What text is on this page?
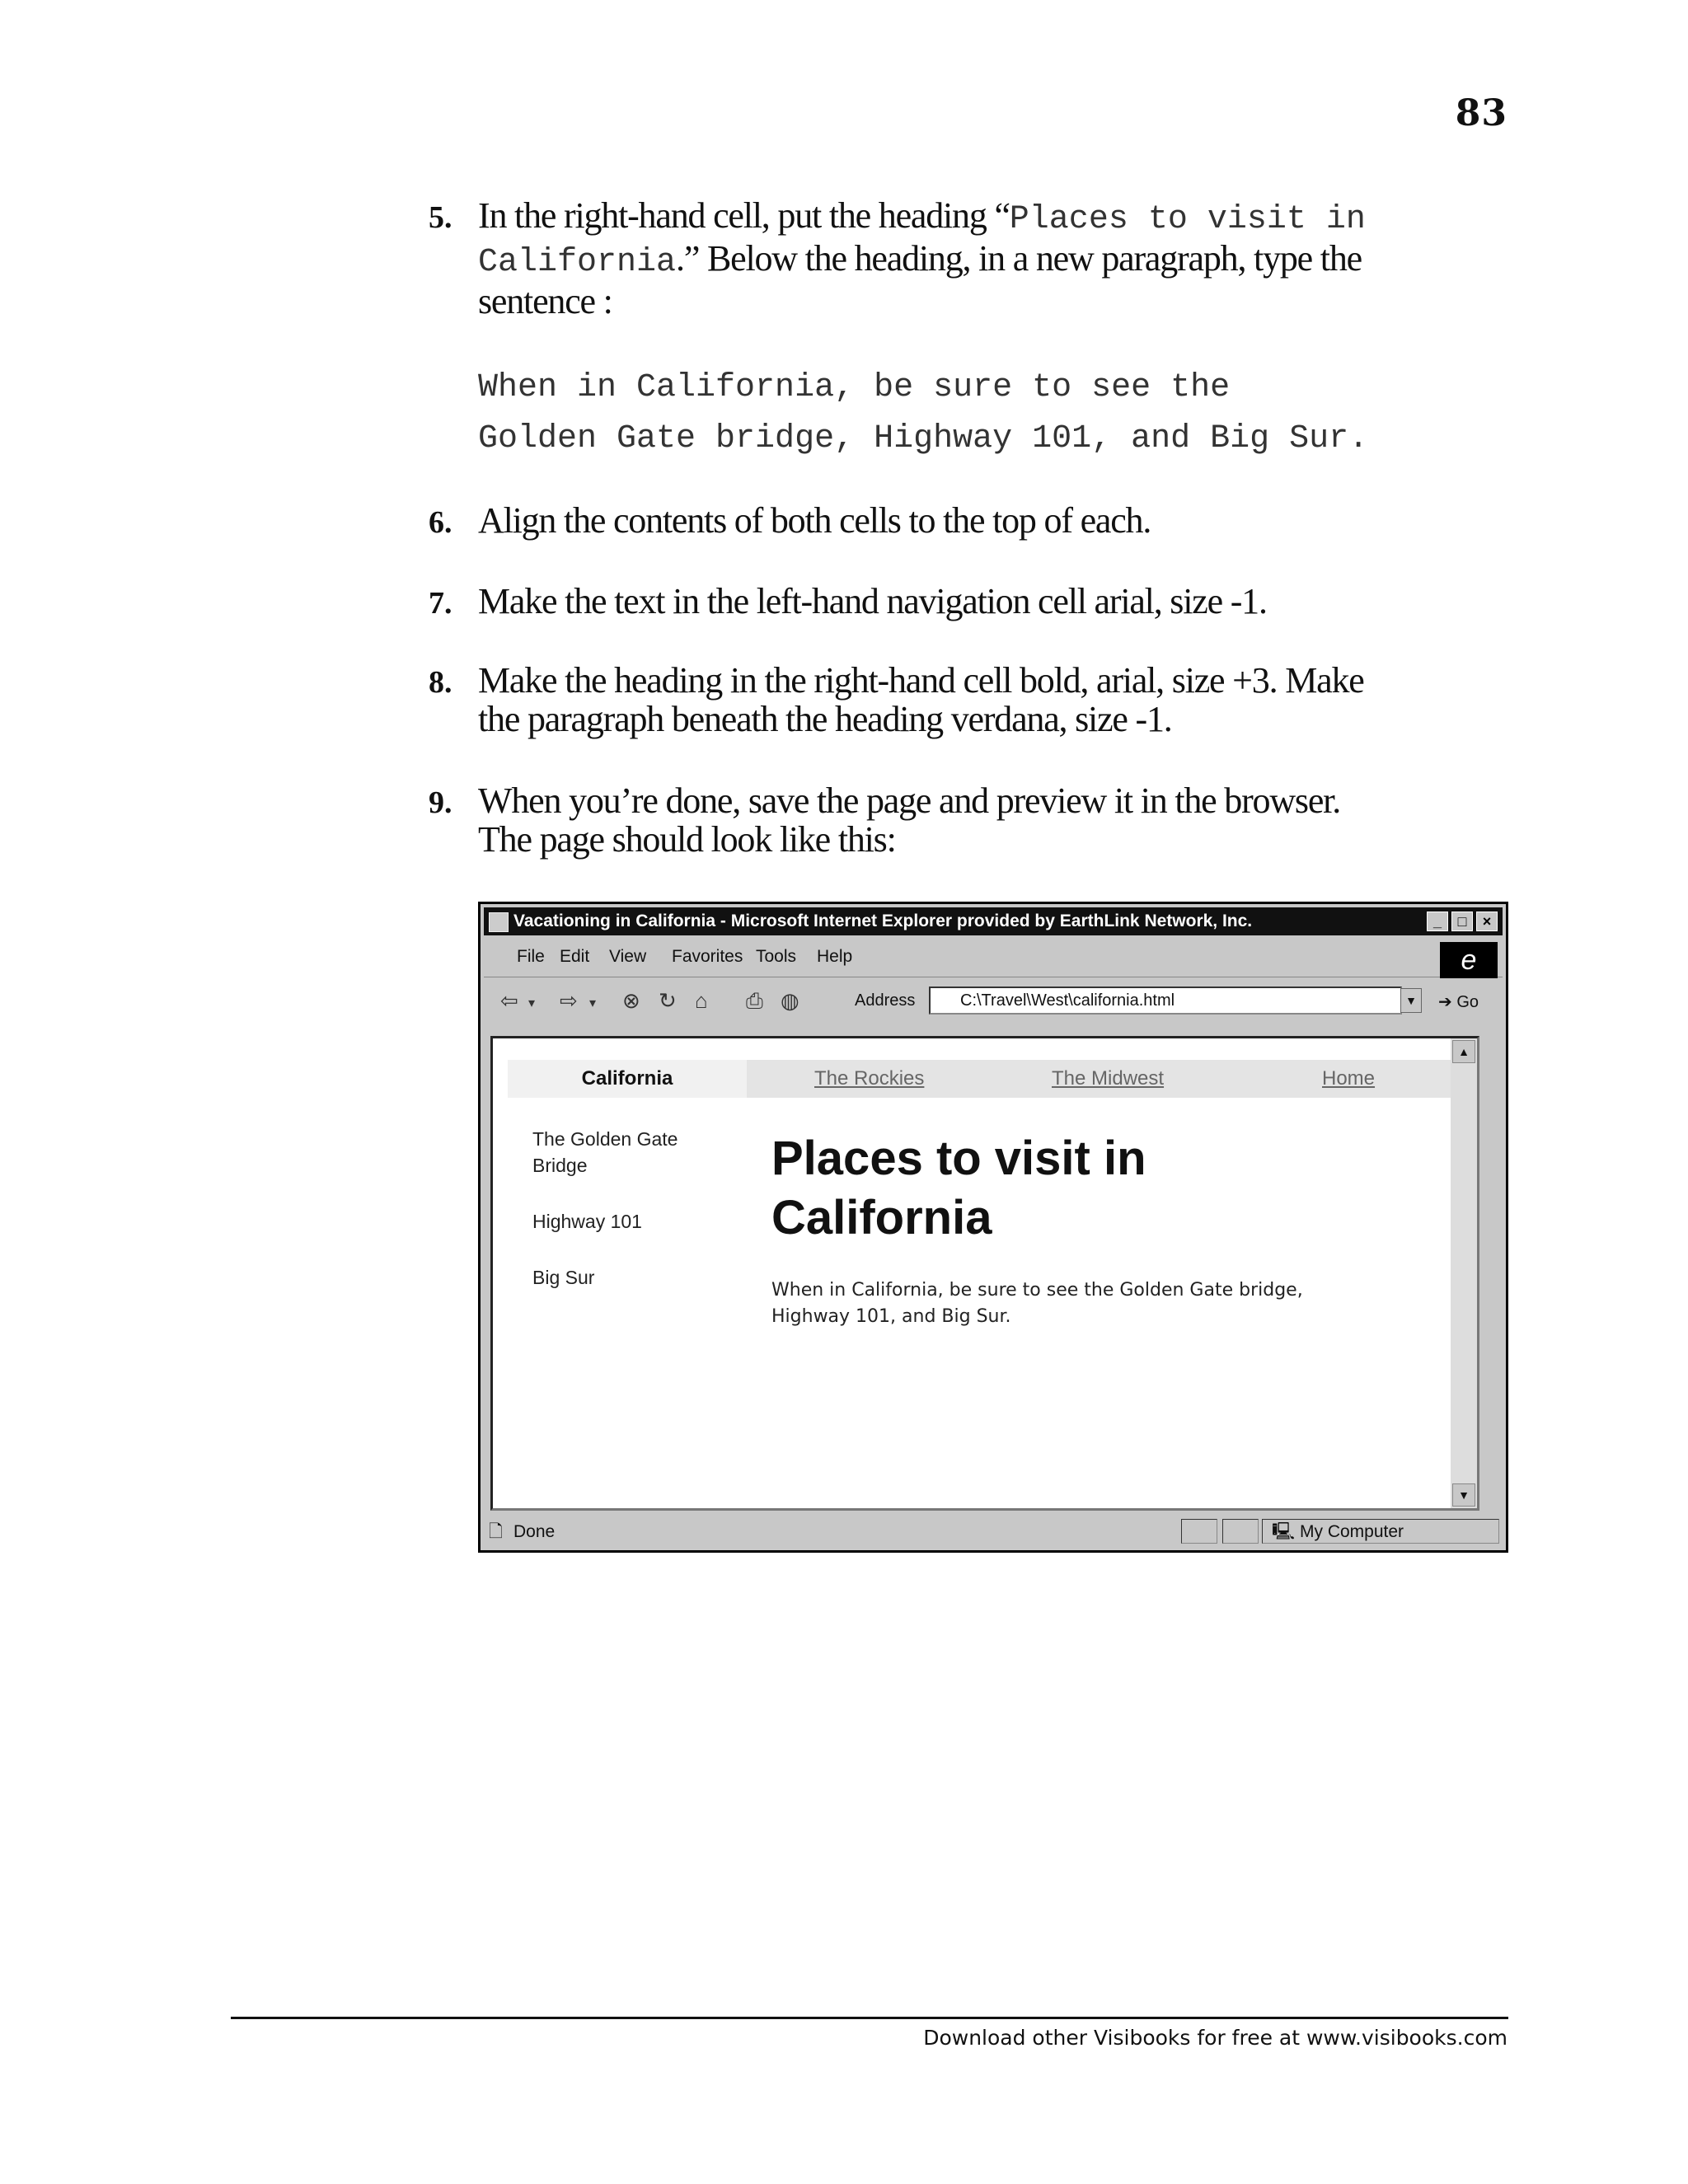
83
5. In the right-hand cell, put the heading “Places to visit in
California.” Below the heading, in a new paragraph, type the
sentence :
When in California, be sure to see the
Golden Gate bridge, Highway 101, and Big Sur.
6. Align the contents of both cells to the top of each.
7. Make the text in the left-hand navigation cell arial, size -1.
8. Make the heading in the right-hand cell bold, arial, size +3. Make
the paragraph beneath the heading verdana, size -1.
9. When you’re done, save the page and preview it in the browser.
The page should look like this:
Vacationing in California - Microsoft Internet Explorer provided by EarthLink Network, Inc.	_	□	×
File Edit View Favorites Tools Help	e
⇦ ▾ ⇨ ▾ ⊗ ↻ ⌂ ⎙ ◍	Address	C:\Travel\West\california.html	▼	➔ Go
California	The Rockies	The Midwest	Home
The Golden Gate Bridge
Highway 101
Big Sur
Places to visit in
California
When in California, be sure to see the Golden Gate bridge,
Highway 101, and Big Sur.
▲
▼
🗋 Done	🖳 My Computer
Download other Visibooks for free at www.visibooks.com
